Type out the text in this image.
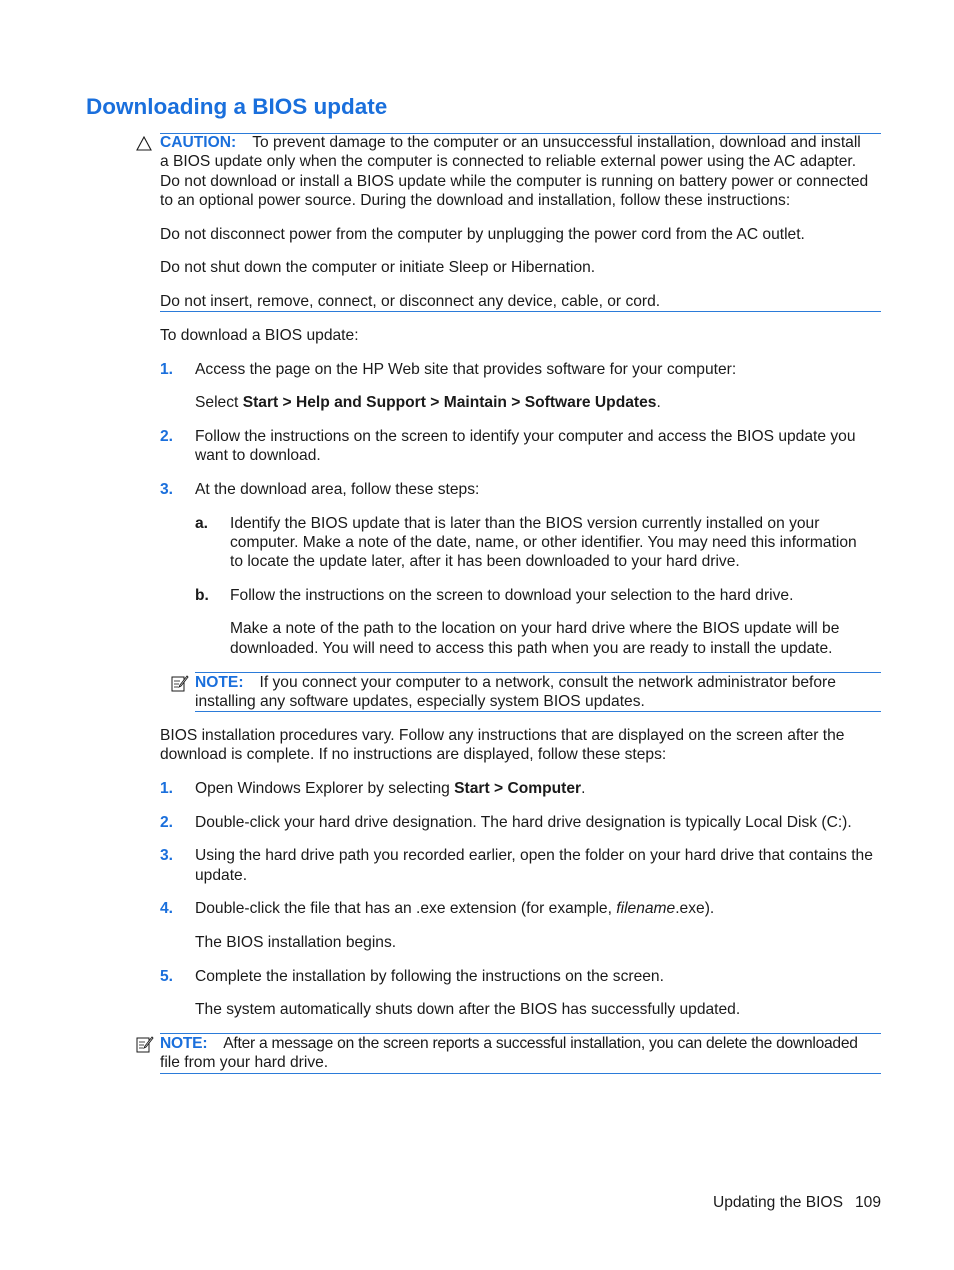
Downloading a BIOS update
CAUTION: To prevent damage to the computer or an unsuccessful installation, download and install
a BIOS update only when the computer is connected to reliable external power using the AC adapter.
Do not download or install a BIOS update while the computer is running on battery power or connected
to an optional power source. During the download and installation, follow these instructions:
Do not disconnect power from the computer by unplugging the power cord from the AC outlet.
Do not shut down the computer or initiate Sleep or Hibernation.
Do not insert, remove, connect, or disconnect any device, cable, or cord.
To download a BIOS update:
1. Access the page on the HP Web site that provides software for your computer:
Select Start > Help and Support > Maintain > Software Updates.
2. Follow the instructions on the screen to identify your computer and access the BIOS update you
want to download.
3. At the download area, follow these steps:
a. Identify the BIOS update that is later than the BIOS version currently installed on your
computer. Make a note of the date, name, or other identifier. You may need this information
to locate the update later, after it has been downloaded to your hard drive.
b. Follow the instructions on the screen to download your selection to the hard drive.
Make a note of the path to the location on your hard drive where the BIOS update will be
downloaded. You will need to access this path when you are ready to install the update.
NOTE: If you connect your computer to a network, consult the network administrator before
installing any software updates, especially system BIOS updates.
BIOS installation procedures vary. Follow any instructions that are displayed on the screen after the
download is complete. If no instructions are displayed, follow these steps:
1. Open Windows Explorer by selecting Start > Computer.
2. Double-click your hard drive designation. The hard drive designation is typically Local Disk (C:).
3. Using the hard drive path you recorded earlier, open the folder on your hard drive that contains the
update.
4. Double-click the file that has an .exe extension (for example, filename.exe).
The BIOS installation begins.
5. Complete the installation by following the instructions on the screen.
The system automatically shuts down after the BIOS has successfully updated.
NOTE: After a message on the screen reports a successful installation, you can delete the downloaded
file from your hard drive.
Updating the BIOS 109
